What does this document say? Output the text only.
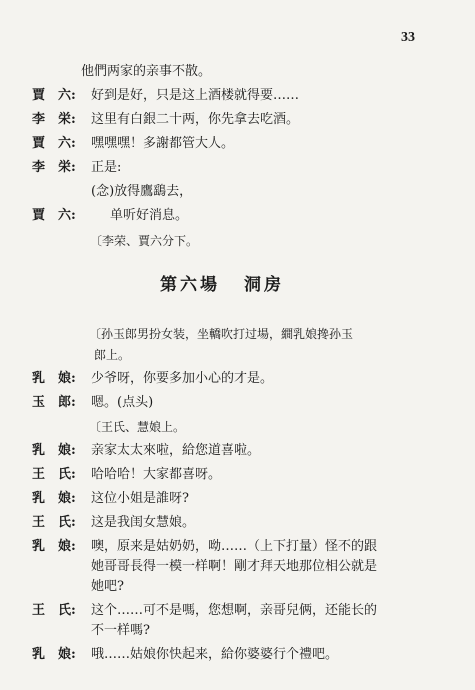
33
他們两家的亲事不散。
賈　六:	好到是好，只是这上酒楼就得要……
李　栄:	这里有白銀二十两，你先拿去吃酒。
賈　六:	嘿嘿嘿！多謝都管大人。
李　栄:	正是:
(念)放得鷹鷂去，
賈　六:	单听好消息。
〔李荣、賈六分下。
第六場 洞房
〔孙玉郎男扮女装，坐轎吹打过場，繝乳娘搀孙玉
郎上。
乳　娘:	少爷呀，你要多加小心的才是。
玉　郎:	嗯。(点头)
〔王氏、慧娘上。
乳　娘:	亲家太太來啦，給您道喜啦。
王　氏:	哈哈哈！大家都喜呀。
乳　娘:	这位小姐是誰呀?
王　氏:	这是我闺女慧娘。
乳　娘:	噢，原来是姑奶奶，呦……（上下打量）怪不的跟
她哥哥長得一模一样啊！剛才拜天地那位相公就是
她吧?
王　氏:	这个……可不是嗎，您想啊，亲哥兒俩，还能长的
不一样嗎?
乳　娘:	哦……姑娘你快起来，給你婆婆行个禮吧。
